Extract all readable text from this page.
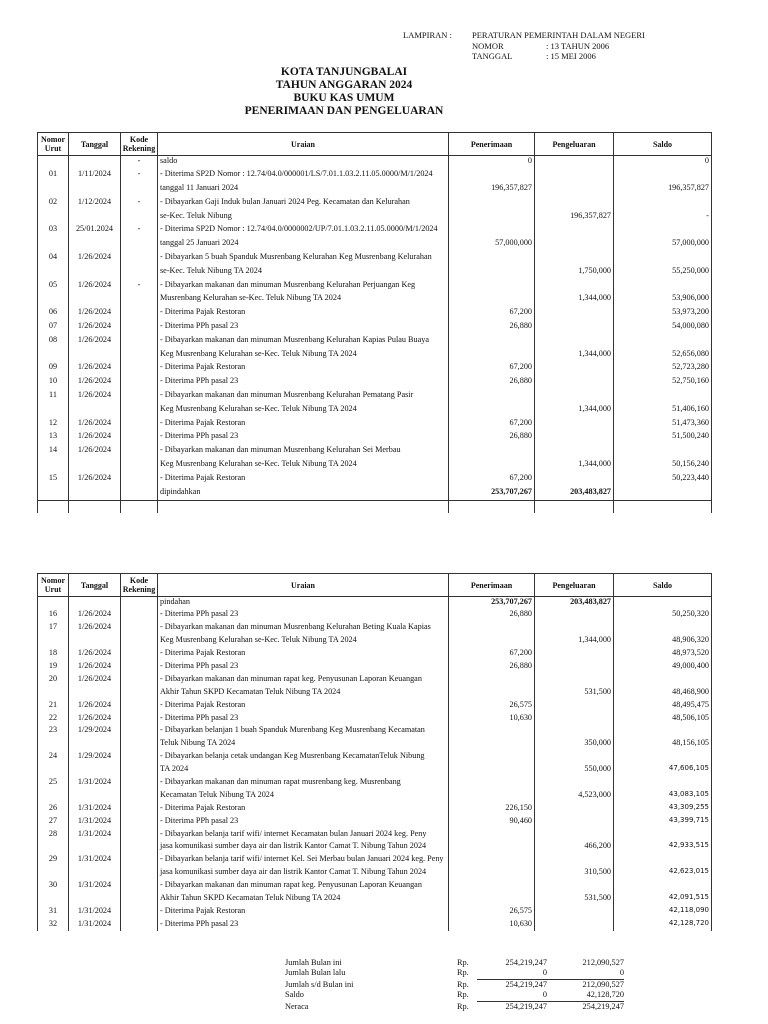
LAMPIRAN :	PERATURAN PEMERINTAH DALAM NEGERI
NOMOR	: 13 TAHUN 2006
TANGGAL	: 15 MEI 2006
KOTA TANJUNGBALAI
TAHUN ANGGARAN 2024
BUKU KAS UMUM
PENERIMAAN DAN PENGELUARAN
Nomor Urut	Tanggal	Kode Rekening	Uraian	Penerimaan	Pengeluaran	Saldo
		-	saldo	0		0
01	1/11/2024	-	- Diterima SP2D Nomor : 12.74/04.0/000001/LS/7.01.1.03.2.11.05.0000/M/1/2024			
			tanggal 11 Januari 2024	196,357,827		196,357,827
02	1/12/2024	-	- Dibayarkan Gaji Induk bulan Januari 2024 Peg. Kecamatan dan Kelurahan			
			se-Kec. Teluk Nibung		196,357,827	-
03	25/01.2024	-	- Diterima SP2D Nomor : 12.74/04.0/0000002/UP/7.01.1.03.2.11.05.0000/M/1/2024			
			tanggal 25 Januari 2024	57,000,000		57,000,000
04	1/26/2024		- Dibayarkan 5 buah Spanduk Musrenbang Kelurahan Keg Musrenbang Kelurahan			
			se-Kec. Teluk Nibung TA 2024		1,750,000	55,250,000
05	1/26/2024	-	- Dibayarkan makanan dan minuman Musrenbang Kelurahan Perjuangan Keg			
			Musrenbang Kelurahan se-Kec. Teluk Nibung TA 2024		1,344,000	53,906,000
06	1/26/2024		- Diterima Pajak Restoran	67,200		53,973,200
07	1/26/2024		- Diterima PPh pasal 23	26,880		54,000,080
08	1/26/2024		- Dibayarkan makanan dan minuman Musrenbang Kelurahan Kapias Pulau Buaya			
			Keg Musrenbang Kelurahan se-Kec. Teluk Nibung TA 2024		1,344,000	52,656,080
09	1/26/2024		- Diterima Pajak Restoran	67,200		52,723,280
10	1/26/2024		- Diterima PPh pasal 23	26,880		52,750,160
11	1/26/2024		- Dibayarkan makanan dan minuman Musrenbang Kelurahan Pematang Pasir			
			Keg Musrenbang Kelurahan se-Kec. Teluk Nibung TA 2024		1,344,000	51,406,160
12	1/26/2024		- Diterima Pajak Restoran	67,200		51,473,360
13	1/26/2024		- Diterima PPh pasal 23	26,880		51,500,240
14	1/26/2024		- Dibayarkan makanan dan minuman Musrenbang Kelurahan Sei Merbau			
			Keg Musrenbang Kelurahan se-Kec. Teluk Nibung TA 2024		1,344,000	50,156,240
15	1/26/2024		- Diterima Pajak Restoran	67,200		50,223,440
			dipindahkan	253,707,267	203,483,827	

Nomor Urut	Tanggal	Kode Rekening	Uraian	Penerimaan	Pengeluaran	Saldo
			pindahan	253,707,267	203,483,827	
16	1/26/2024		- Diterima PPh pasal 23	26,880		50,250,320
17	1/26/2024		- Dibayarkan makanan dan minuman Musrenbang Kelurahan Beting Kuala Kapias			
			Keg Musrenbang Kelurahan se-Kec. Teluk Nibung TA 2024		1,344,000	48,906,320
18	1/26/2024		- Diterima Pajak Restoran	67,200		48,973,520
19	1/26/2024		- Diterima PPh pasal 23	26,880		49,000,400
20	1/26/2024		- Dibayarkan makanan dan minuman rapat keg. Penyusunan Laporan Keuangan			
			Akhir Tahun SKPD Kecamatan Teluk Nibung TA 2024		531,500	48,468,900
21	1/26/2024		- Diterima Pajak Restoran	26,575		48,495,475
22	1/26/2024		- Diterima PPh pasal 23	10,630		48,506,105
23	1/29/2024		- Dibayarkan belanjan 1 buah Spanduk Murenbang Keg Musrenbang Kecamatan			
			Teluk Nibung TA 2024		350,000	48,156,105
24	1/29/2024		- Dibayarkan belanja cetak undangan Keg Musrenbang KecamatanTeluk Nibung			
			TA 2024		550,000	47,606,105
25	1/31/2024		- Dibayarkan makanan dan minuman rapat musrenbang keg. Musrenbang			
			Kecamatan Teluk Nibung TA 2024		4,523,000	43,083,105
26	1/31/2024		- Diterima Pajak Restoran	226,150		43,309,255
27	1/31/2024		- Diterima PPh pasal 23	90,460		43,399,715
28	1/31/2024		- Dibayarkan belanja tarif wifi/ internet Kecamatan bulan Januari 2024 keg. Peny			
			jasa komunikasi sumber daya air dan listrik Kantor Camat T. Nibung Tahun 2024		466,200	42,933,515
29	1/31/2024		- Dibayarkan belanja tarif wifi/ internet Kel. Sei Merbau bulan Januari 2024 keg. Peny			
			jasa komunikasi sumber daya air dan listrik Kantor Camat T. Nibung Tahun 2024		310,500	42,623,015
30	1/31/2024		- Dibayarkan makanan dan minuman rapat keg. Penyusunan Laporan Keuangan			
			Akhir Tahun SKPD Kecamatan Teluk Nibung TA 2024		531,500	42,091,515
31	1/31/2024		- Diterima Pajak Restoran	26,575		42,118,090
32	1/31/2024		- Diterima PPh pasal 23	10,630		42,128,720
Jumlah Bulan ini	Rp.	254,219,247	212,090,527
Jumlah Bulan lalu	Rp.	0	0
Jumlah s/d Bulan ini	Rp.	254,219,247	212,090,527
Saldo	Rp.	0	42,128,720
Neraca	Rp.	254,219,247	254,219,247
